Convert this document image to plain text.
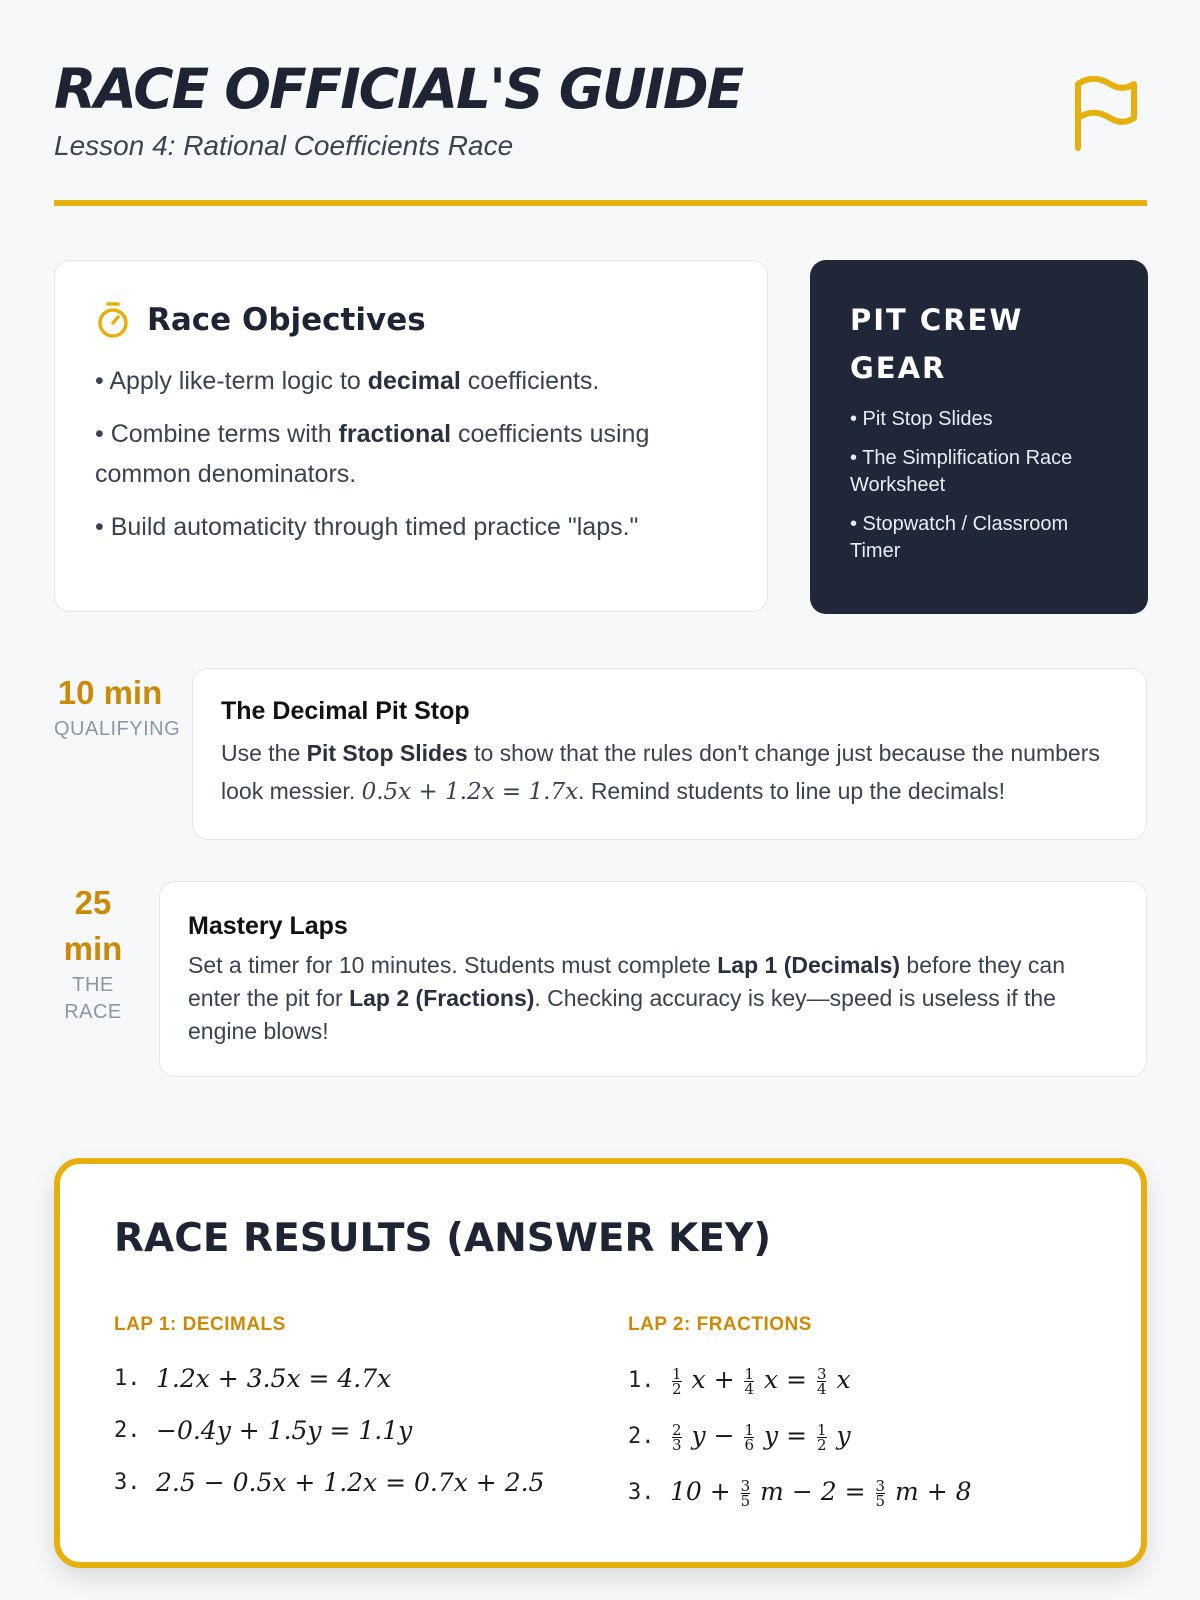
RACE OFFICIAL'S GUIDE
Lesson 4: Rational Coefficients Race
Race Objectives
• Apply like-term logic to decimal coefficients.
• Combine terms with fractional coefficients using common denominators.
• Build automaticity through timed practice "laps."
PIT CREW GEAR
• Pit Stop Slides
• The Simplification Race Worksheet
• Stopwatch / Classroom Timer
10 min
QUALIFYING
The Decimal Pit Stop
Use the Pit Stop Slides to show that the rules don't change just because the numbers look messier. 0.5x + 1.2x = 1.7x. Remind students to line up the decimals!
25
min
THE
RACE
Mastery Laps
Set a timer for 10 minutes. Students must complete Lap 1 (Decimals) before they can enter the pit for Lap 2 (Fractions). Checking accuracy is key—speed is useless if the engine blows!
RACE RESULTS (ANSWER KEY)
LAP 1: DECIMALS
1. 1.2x + 3.5x = 4.7x
2. −0.4y + 1.5y = 1.1y
3. 2.5 − 0.5x + 1.2x = 0.7x + 2.5
LAP 2: FRACTIONS
1.	$\frac{1}{2}$ $x + \frac{1}{4}$ $x = \frac{3}{4}$ x
2.	$\frac{2}{3}$ $y - \frac{1}{6}$ $y = \frac{1}{2}$ y
3. $10 + \frac{3}{5}$ $m - 2 = \frac{3}{5}$ m + 8
